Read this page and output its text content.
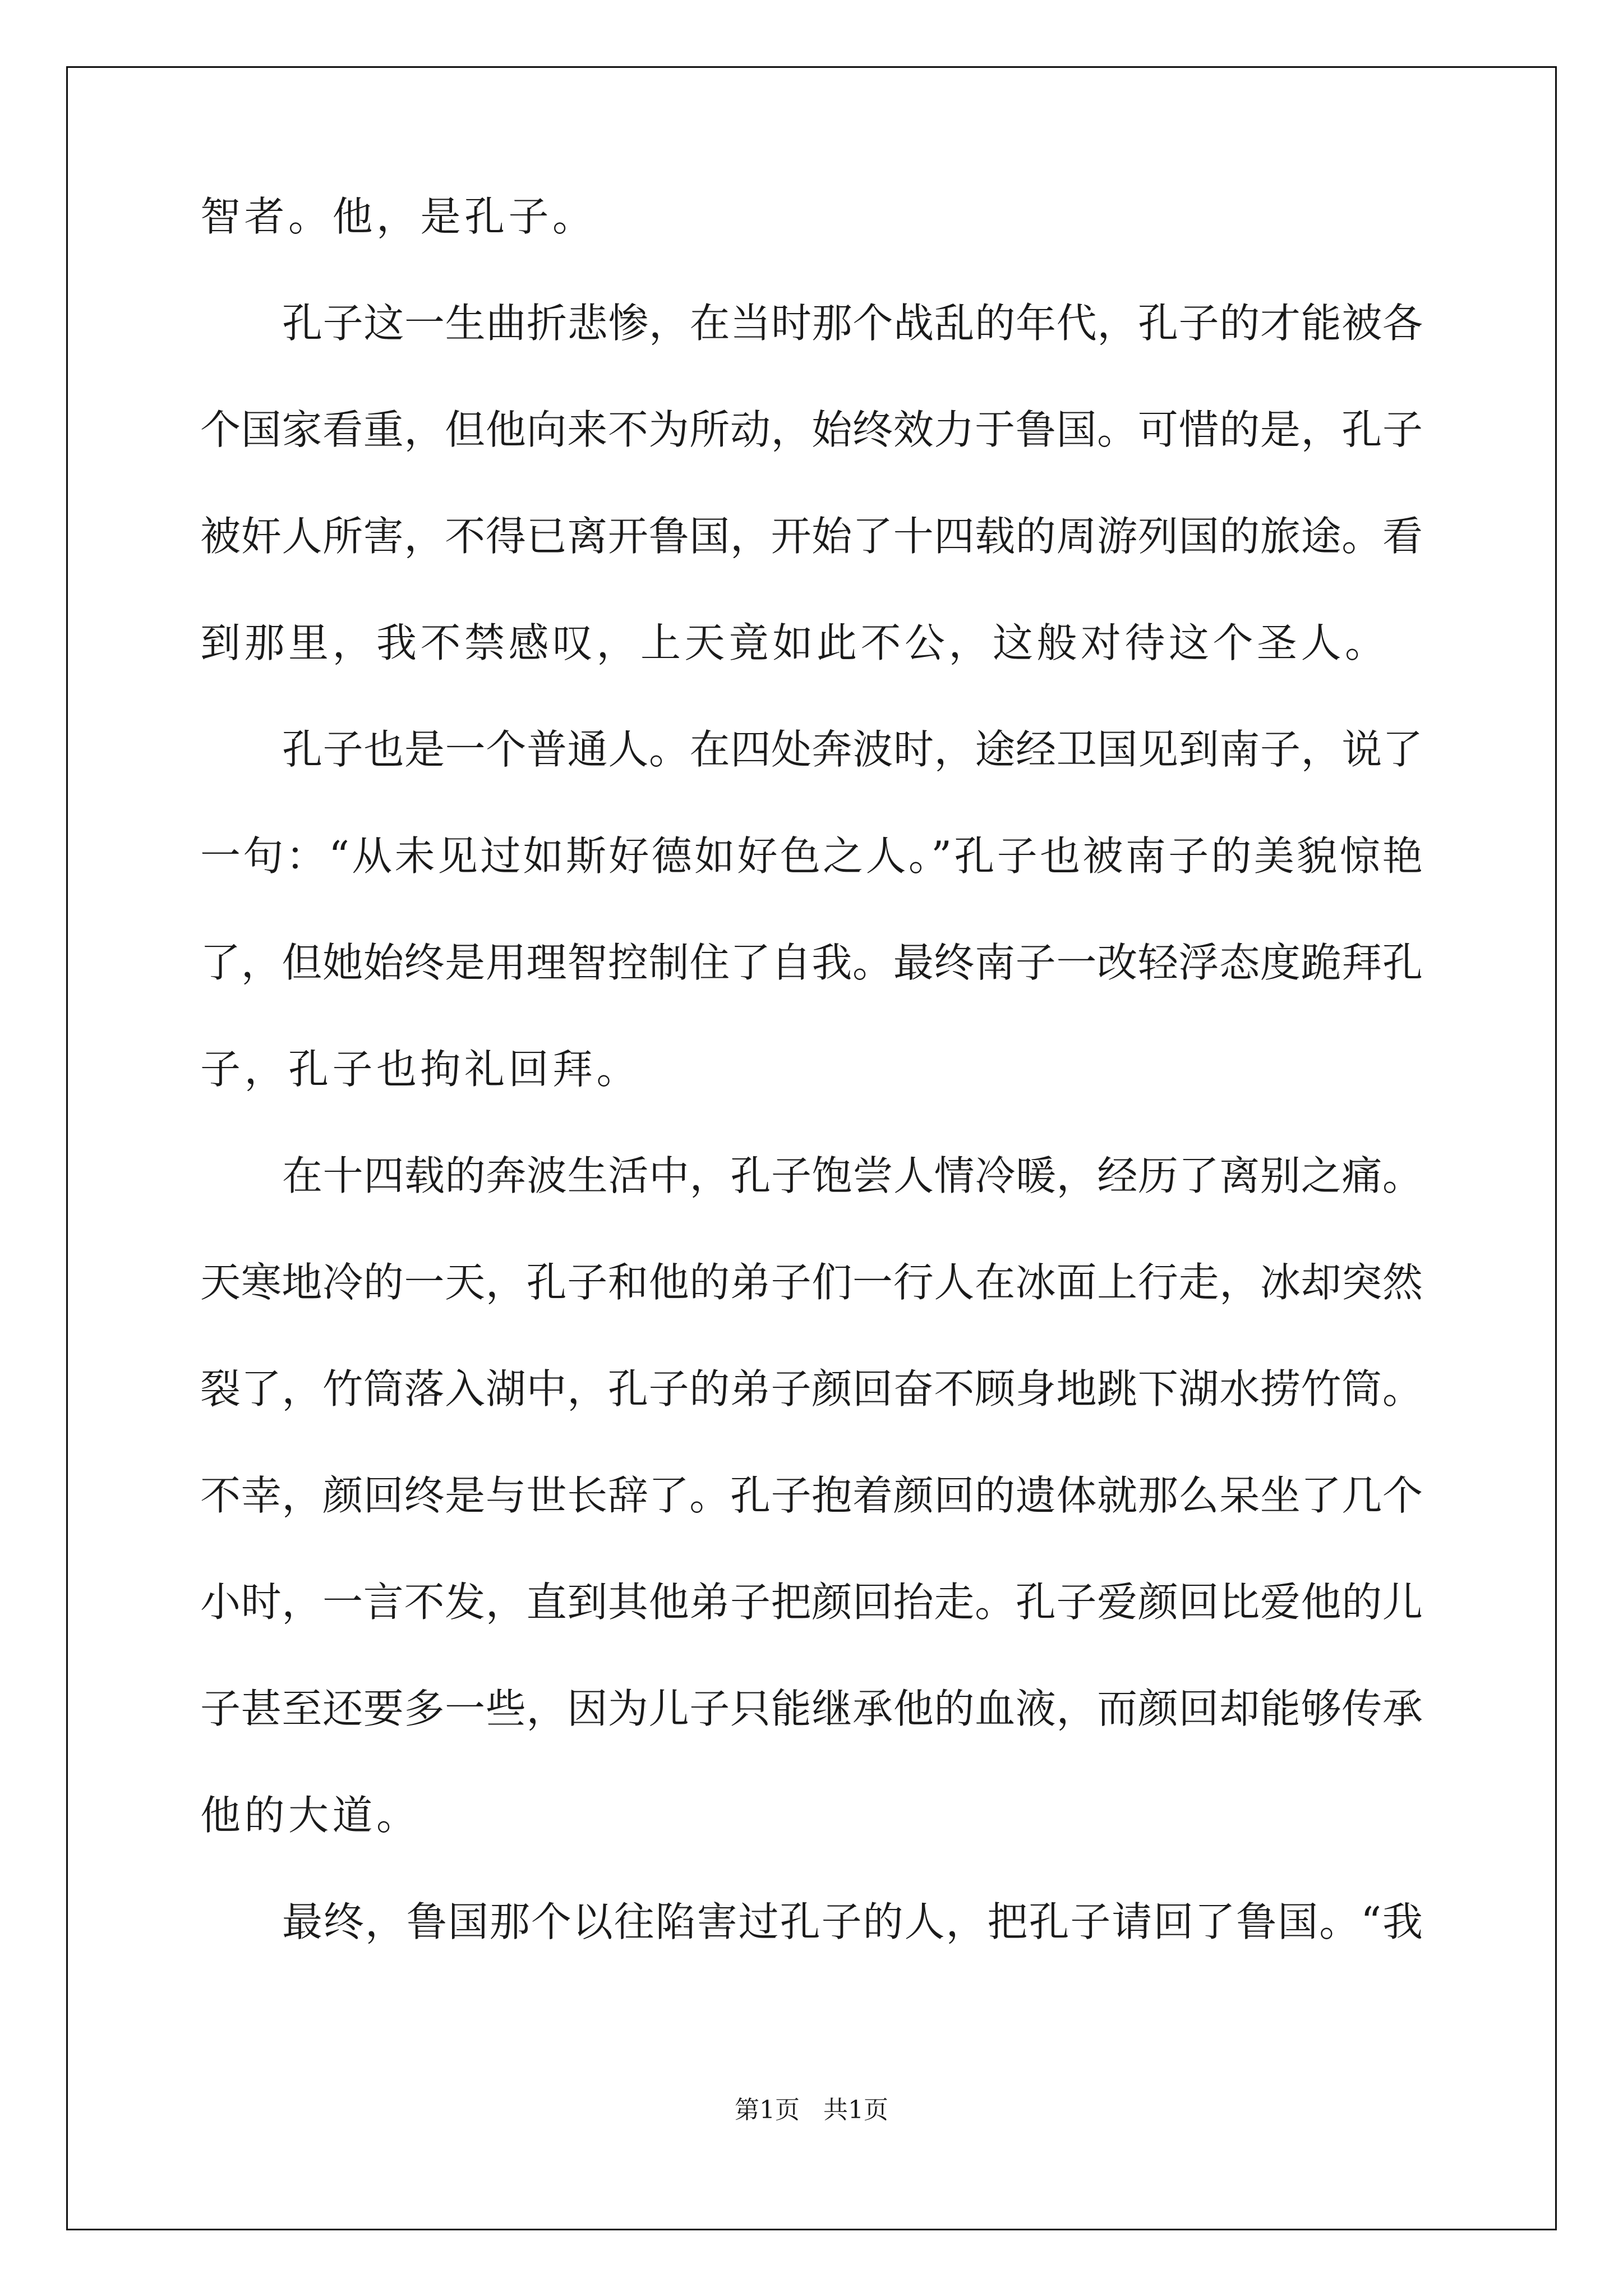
智者。他，是孔子。
孔子这一生曲折悲惨，在当时那个战乱的年代，孔子的才能被各
个国家看重，但他向来不为所动，始终效力于鲁国。可惜的是，孔子
被奸人所害，不得已离开鲁国，开始了十四载的周游列国的旅途。看
到那里，我不禁感叹，上天竟如此不公，这般对待这个圣人。
孔子也是一个普通人。在四处奔波时，途经卫国见到南子，说了
一句：“从未见过如斯好德如好色之人。”孔子也被南子的美貌惊艳
了，但她始终是用理智控制住了自我。最终南子一改轻浮态度跪拜孔
子，孔子也拘礼回拜。
在十四载的奔波生活中，孔子饱尝人情冷暖，经历了离别之痛。
天寒地冷的一天，孔子和他的弟子们一行人在冰面上行走，冰却突然
裂了，竹筒落入湖中，孔子的弟子颜回奋不顾身地跳下湖水捞竹筒。
不幸，颜回终是与世长辞了。孔子抱着颜回的遗体就那么呆坐了几个
小时，一言不发，直到其他弟子把颜回抬走。孔子爱颜回比爱他的儿
子甚至还要多一些，因为儿子只能继承他的血液，而颜回却能够传承
他的大道。
最终，鲁国那个以往陷害过孔子的人，把孔子请回了鲁国。“我
第1页   共1页
